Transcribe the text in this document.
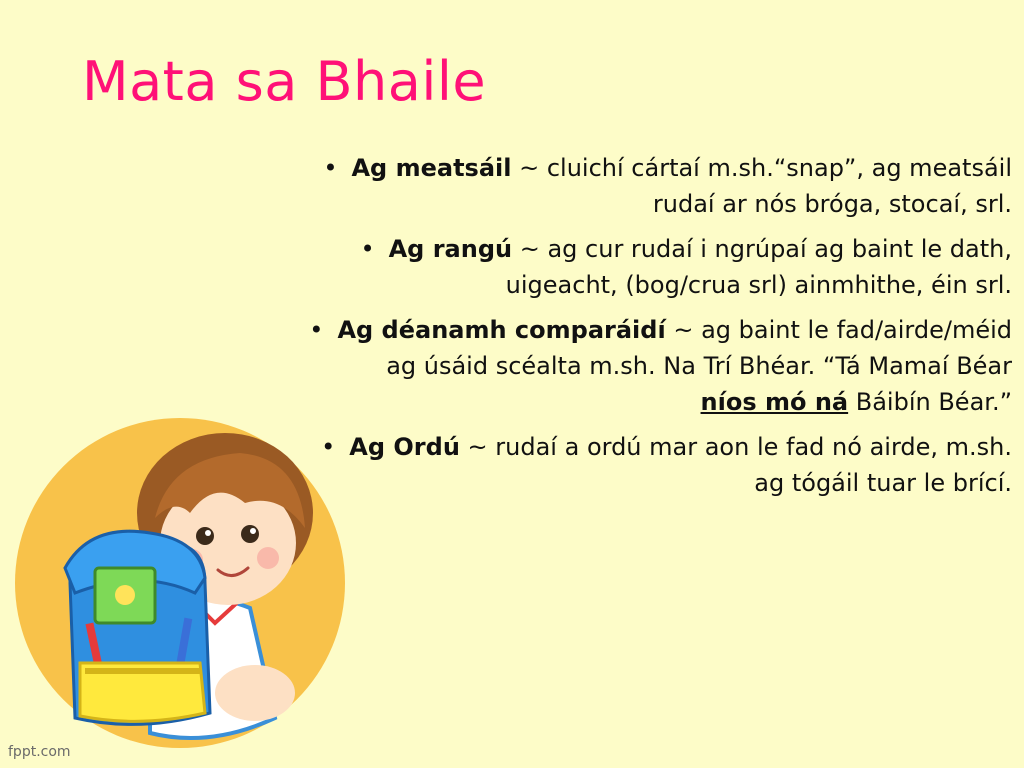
Mata sa Bhaile
• Ag meatsáil ~ cluichí cártaí m.sh.“snap”, ag meatsáil
rudaí ar nós bróga, stocaí, srl.
• Ag rangú ~ ag cur rudaí i ngrúpaí ag baint le dath,
uigeacht, (bog/crua srl) ainmhithe, éin srl.
• Ag déanamh comparáidí ~ ag baint le fad/airde/méid
ag úsáid scéalta m.sh. Na Trí Bhéar. “Tá Mamaí Béar
níos mó ná Báibín Béar.”
• Ag Ordú ~ rudaí a ordú mar aon le fad nó airde, m.sh.
ag tógáil tuar le brící.
fppt.com
